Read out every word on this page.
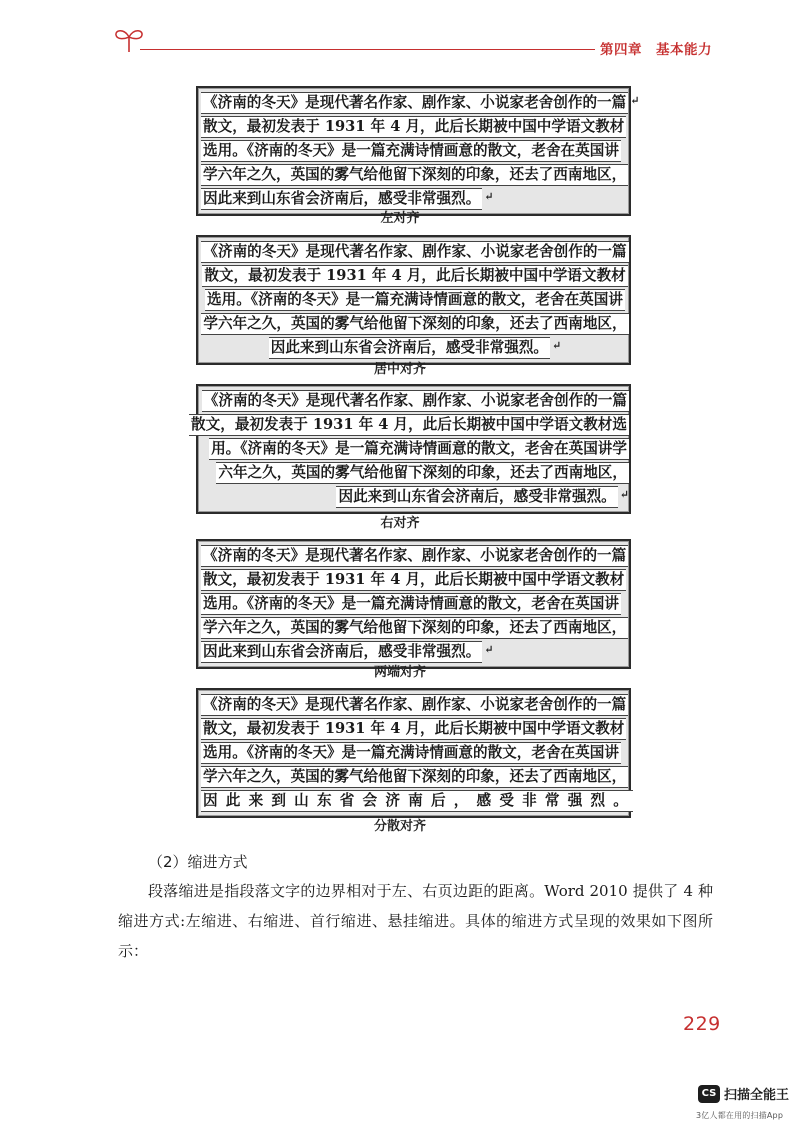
第四章　基本能力
《济南的冬天》是现代著名作家、剧作家、小说家老舍创作的一篇 ↵
散文，最初发表于 1931 年 4 月，此后长期被中国中学语文教材
选用。《济南的冬天》是一篇充满诗情画意的散文，老舍在英国讲
学六年之久，英国的雾气给他留下深刻的印象，还去了西南地区，
因此来到山东省会济南后，感受非常强烈。 ↵
左对齐
《济南的冬天》是现代著名作家、剧作家、小说家老舍创作的一篇
散文，最初发表于 1931 年 4 月，此后长期被中国中学语文教材
选用。《济南的冬天》是一篇充满诗情画意的散文，老舍在英国讲
学六年之久，英国的雾气给他留下深刻的印象，还去了西南地区，
因此来到山东省会济南后，感受非常强烈。 ↵
居中对齐
《济南的冬天》是现代著名作家、剧作家、小说家老舍创作的一篇
散文，最初发表于 1931 年 4 月，此后长期被中国中学语文教材选
用。《济南的冬天》是一篇充满诗情画意的散文，老舍在英国讲学
六年之久，英国的雾气给他留下深刻的印象，还去了西南地区，
因此来到山东省会济南后，感受非常强烈。 ↵
右对齐
《济南的冬天》是现代著名作家、剧作家、小说家老舍创作的一篇
散文，最初发表于 1931 年 4 月，此后长期被中国中学语文教材
选用。《济南的冬天》是一篇充满诗情画意的散文，老舍在英国讲
学六年之久，英国的雾气给他留下深刻的印象，还去了西南地区，
因此来到山东省会济南后，感受非常强烈。 ↵
两端对齐
《济南的冬天》是现代著名作家、剧作家、小说家老舍创作的一篇
散文，最初发表于 1931 年 4 月，此后长期被中国中学语文教材
选用。《济南的冬天》是一篇充满诗情画意的散文，老舍在英国讲
学六年之久，英国的雾气给他留下深刻的印象，还去了西南地区，
因此来到山东省会济南后，感受非常强烈。
分散对齐
（2）缩进方式
段落缩进是指段落文字的边界相对于左、右页边距的距离。Word 2010 提供了 4 种缩进方式:左缩进、右缩进、首行缩进、悬挂缩进。具体的缩进方式呈现的效果如下图所示：
229
CS 扫描全能王
3亿人都在用的扫描App
